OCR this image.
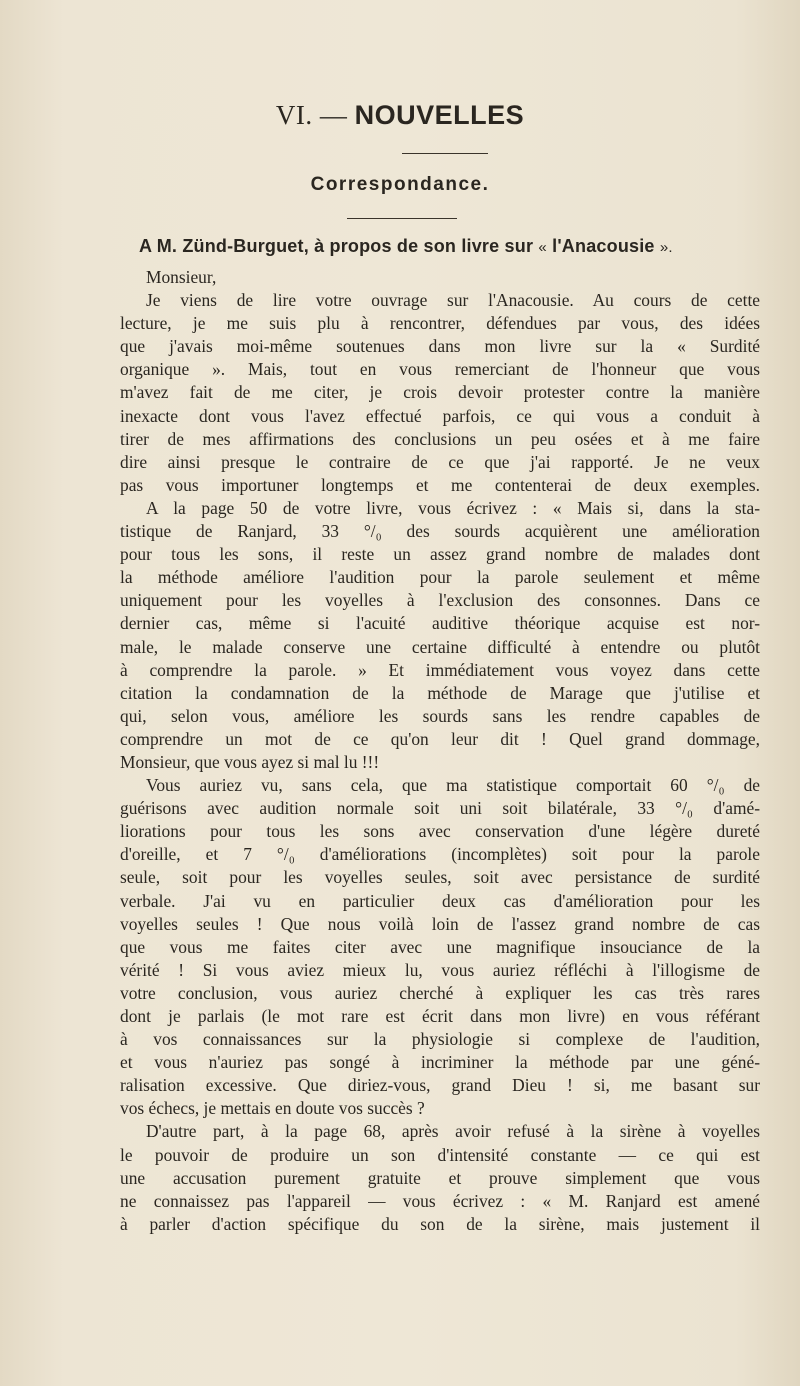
VI. — NOUVELLES
Correspondance.
A M. Zünd-Burguet, à propos de son livre sur « l'Anacousie ».
Monsieur,
Je viens de lire votre ouvrage sur l'Anacousie. Au cours de cette
lecture, je me suis plu à rencontrer, défendues par vous, des idées
que j'avais moi-même soutenues dans mon livre sur la « Surdité
organique ». Mais, tout en vous remerciant de l'honneur que vous
m'avez fait de me citer, je crois devoir protester contre la manière
inexacte dont vous l'avez effectué parfois, ce qui vous a conduit à
tirer de mes affirmations des conclusions un peu osées et à me faire
dire ainsi presque le contraire de ce que j'ai rapporté. Je ne veux
pas vous importuner longtemps et me contenterai de deux exemples.
A la page 50 de votre livre, vous écrivez : « Mais si, dans la sta-
tistique de Ranjard, 33 °/₀ des sourds acquièrent une amélioration
pour tous les sons, il reste un assez grand nombre de malades dont
la méthode améliore l'audition pour la parole seulement et même
uniquement pour les voyelles à l'exclusion des consonnes. Dans ce
dernier cas, même si l'acuité auditive théorique acquise est nor-
male, le malade conserve une certaine difficulté à entendre ou plutôt
à comprendre la parole. » Et immédiatement vous voyez dans cette
citation la condamnation de la méthode de Marage que j'utilise et
qui, selon vous, améliore les sourds sans les rendre capables de
comprendre un mot de ce qu'on leur dit ! Quel grand dommage,
Monsieur, que vous ayez si mal lu !!!
Vous auriez vu, sans cela, que ma statistique comportait 60 °/₀ de
guérisons avec audition normale soit uni soit bilatérale, 33 °/₀ d'amé-
liorations pour tous les sons avec conservation d'une légère dureté
d'oreille, et 7 °/₀ d'améliorations (incomplètes) soit pour la parole
seule, soit pour les voyelles seules, soit avec persistance de surdité
verbale. J'ai vu en particulier deux cas d'amélioration pour les
voyelles seules ! Que nous voilà loin de l'assez grand nombre de cas
que vous me faites citer avec une magnifique insouciance de la
vérité ! Si vous aviez mieux lu, vous auriez réfléchi à l'illogisme de
votre conclusion, vous auriez cherché à expliquer les cas très rares
dont je parlais (le mot rare est écrit dans mon livre) en vous référant
à vos connaissances sur la physiologie si complexe de l'audition,
et vous n'auriez pas songé à incriminer la méthode par une géné-
ralisation excessive. Que diriez-vous, grand Dieu ! si, me basant sur
vos échecs, je mettais en doute vos succès ?
D'autre part, à la page 68, après avoir refusé à la sirène à voyelles
le pouvoir de produire un son d'intensité constante — ce qui est
une accusation purement gratuite et prouve simplement que vous
ne connaissez pas l'appareil — vous écrivez : « M. Ranjard est amené
à parler d'action spécifique du son de la sirène, mais justement il
